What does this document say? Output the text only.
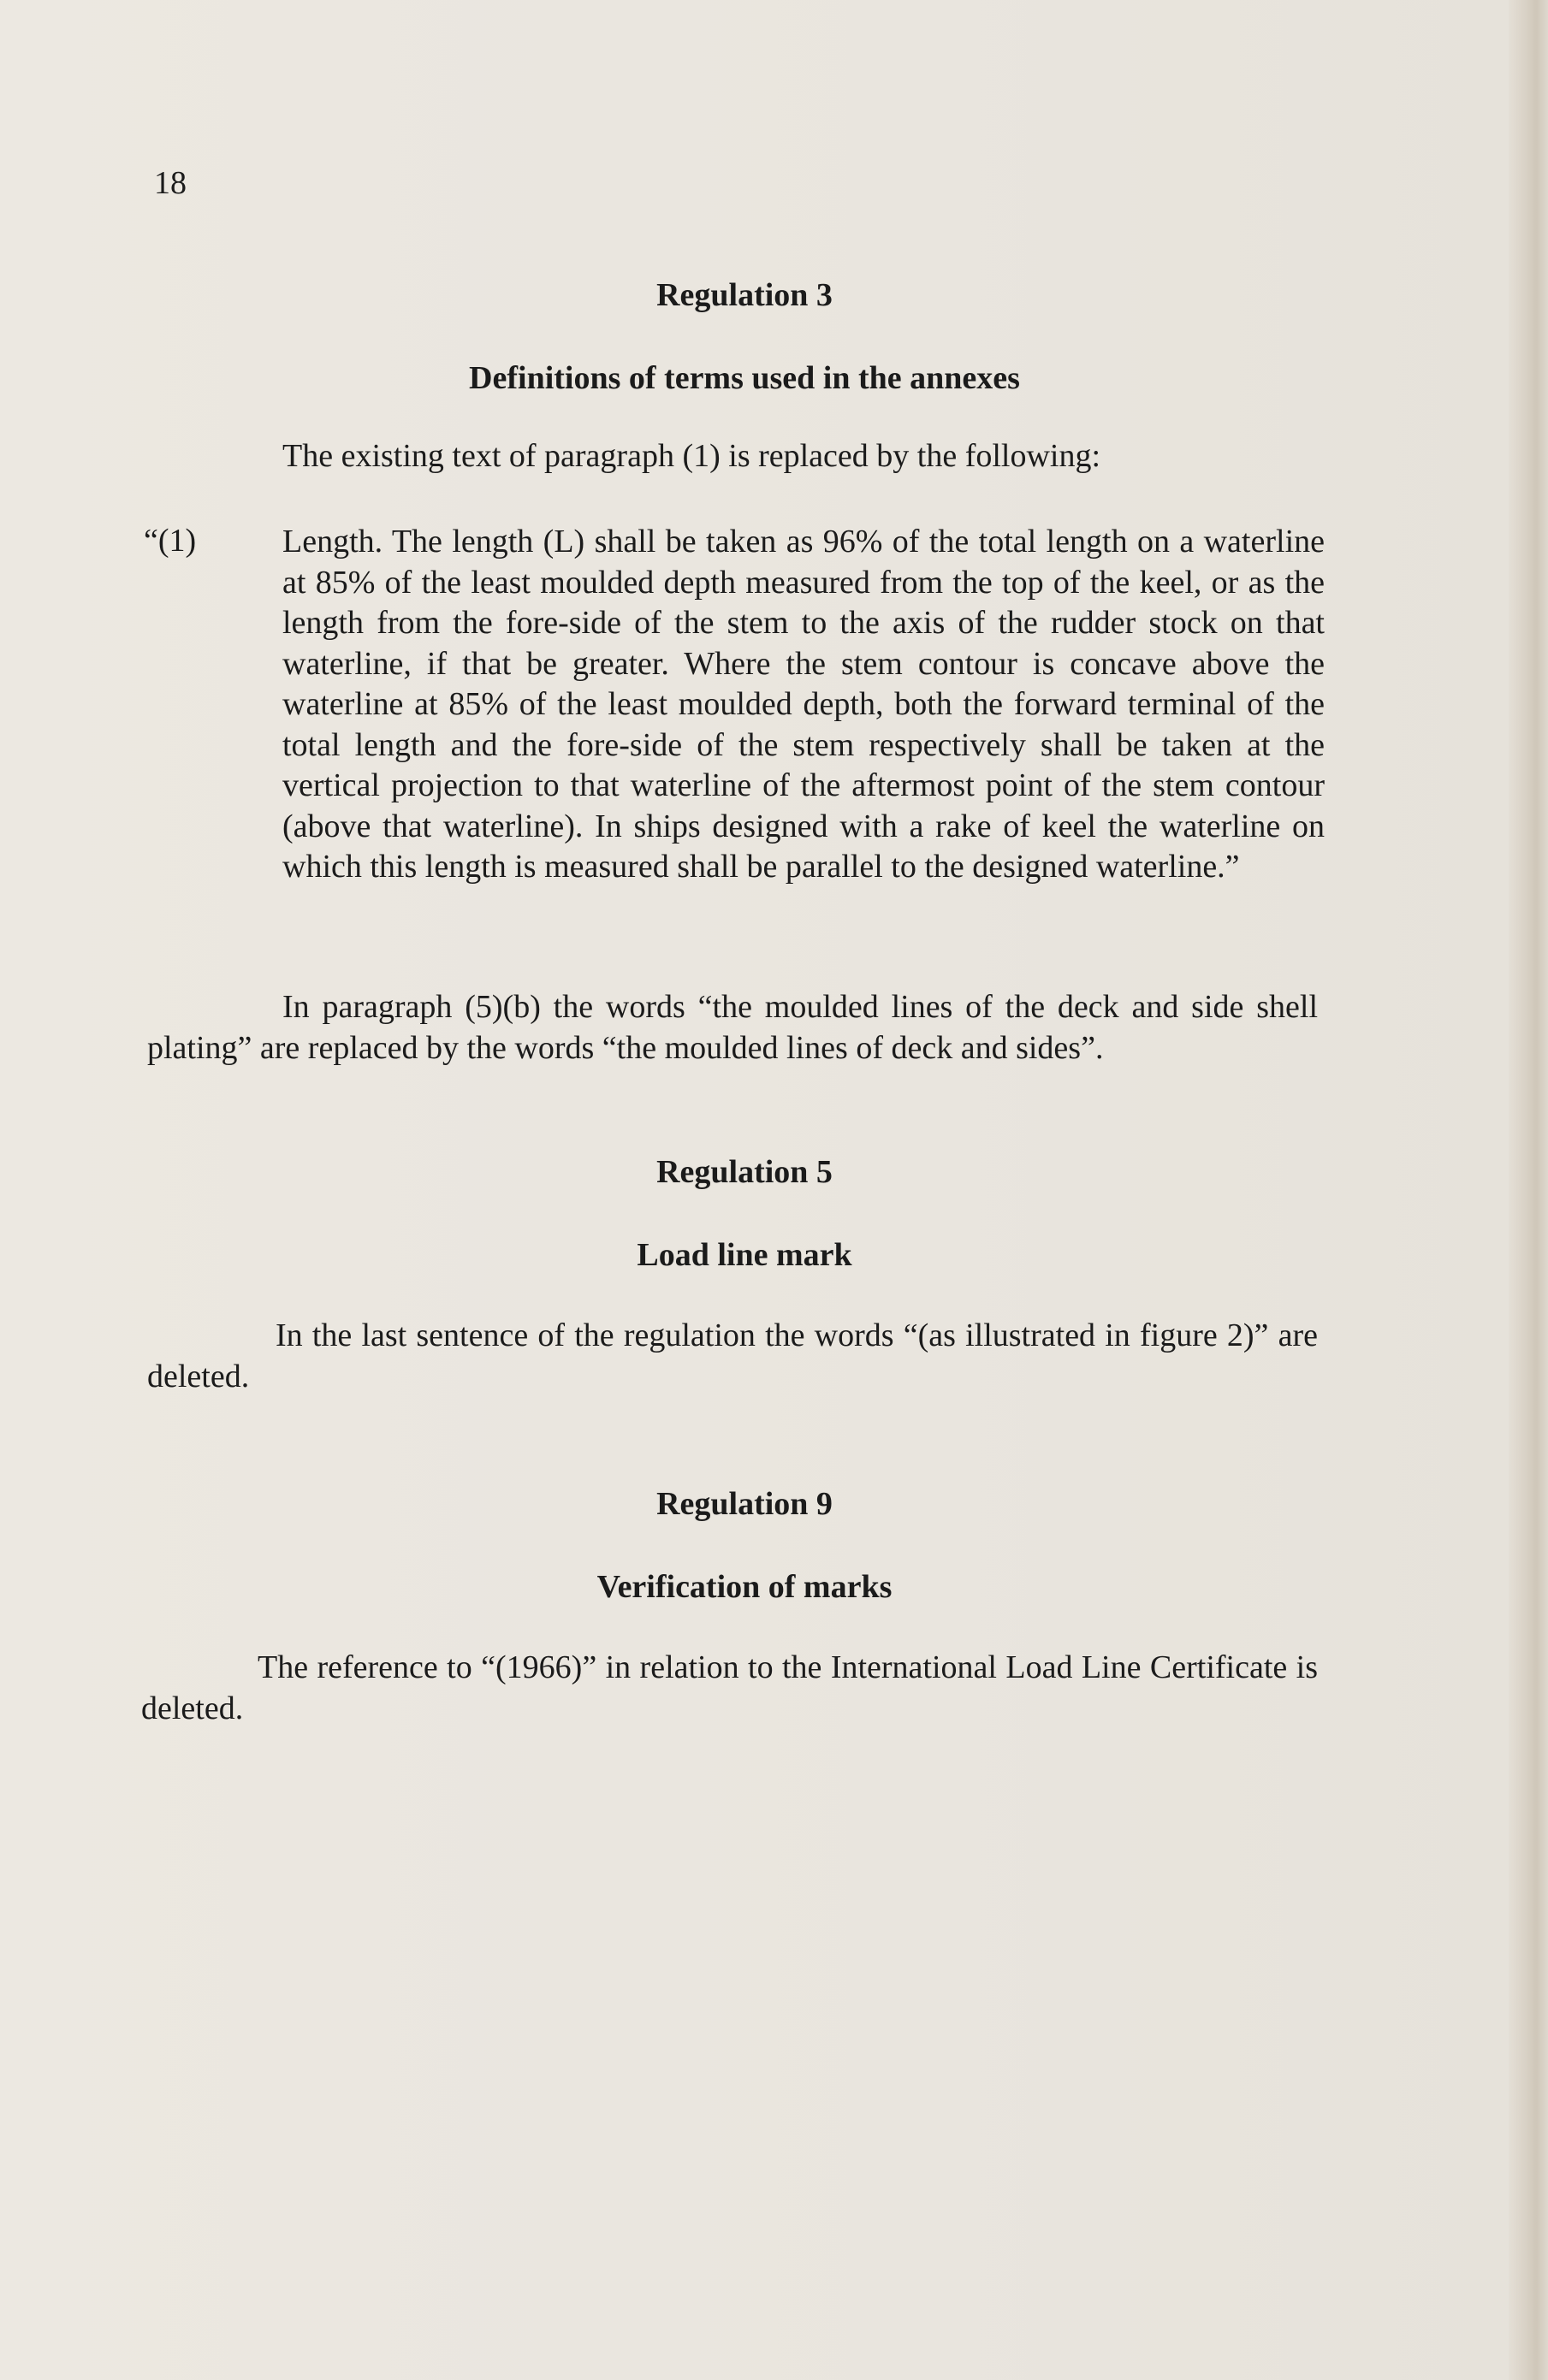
18
Regulation 3
Definitions of terms used in the annexes
The existing text of paragraph (1) is replaced by the following:
“(1)	Length. The length (L) shall be taken as 96% of the total length on a waterline at 85% of the least moulded depth measured from the top of the keel, or as the length from the fore-side of the stem to the axis of the rudder stock on that waterline, if that be greater. Where the stem contour is concave above the waterline at 85% of the least moulded depth, both the forward terminal of the total length and the fore-side of the stem respectively shall be taken at the vertical projection to that waterline of the aftermost point of the stem contour (above that waterline). In ships designed with a rake of keel the waterline on which this length is measured shall be parallel to the designed waterline.”
In paragraph (5)(b) the words “the moulded lines of the deck and side shell plating” are replaced by the words “the moulded lines of deck and sides”.
Regulation 5
Load line mark
In the last sentence of the regulation the words “(as illustrated in figure 2)” are deleted.
Regulation 9
Verification of marks
The reference to “(1966)” in relation to the International Load Line Certificate is deleted.
